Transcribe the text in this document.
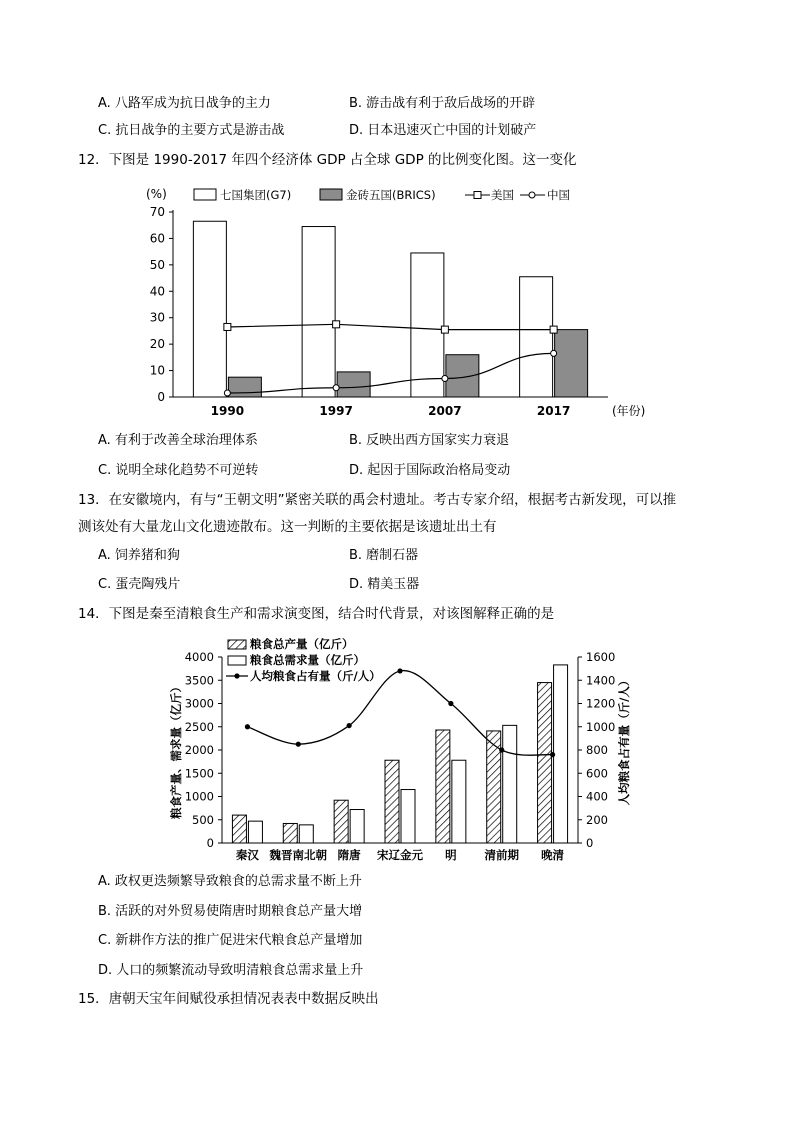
A. 八路军成为抗日战争的主力	B. 游击战有利于敌后战场的开辟
C. 抗日战争的主要方式是游击战	D. 日本迅速灭亡中国的计划破产
12．下图是 1990-2017 年四个经济体 GDP 占全球 GDP 的比例变化图。这一变化
0
10
20
30
40
50
60
70
(%)
1990	1997	2007	2017	(年份)
七国集团(G7)	金砖五国(BRICS)	美国	中国
A. 有利于改善全球治理体系	B. 反映出西方国家实力衰退
C. 说明全球化趋势不可逆转	D. 起因于国际政治格局变动
13．在安徽境内，有与“王朝文明”紧密关联的禹会村遗址。考古专家介绍，根据考古新发现，可以推
测该处有大量龙山文化遗迹散布。这一判断的主要依据是该遗址出土有
A. 饲养猪和狗	B. 磨制石器
C. 蛋壳陶残片	D. 精美玉器
14．下图是秦至清粮食生产和需求演变图，结合时代背景，对该图解释正确的是
0
500
1000
1500
2000
2500
3000
3500
4000
0
200
400
600
800
1000
1200
1400
1600
粮食产量、需求量（亿斤）	人均粮食占有量（斤/人）
秦汉 魏晋南北朝 隋唐 宋辽金元 明 清前期 晚清
粮食总产量（亿斤）
粮食总需求量（亿斤）
人均粮食占有量（斤/人）
A. 政权更迭频繁导致粮食的总需求量不断上升
B. 活跃的对外贸易使隋唐时期粮食总产量大增
C. 新耕作方法的推广促进宋代粮食总产量增加
D. 人口的频繁流动导致明清粮食总需求量上升
15．唐朝天宝年间赋役承担情况表表中数据反映出
